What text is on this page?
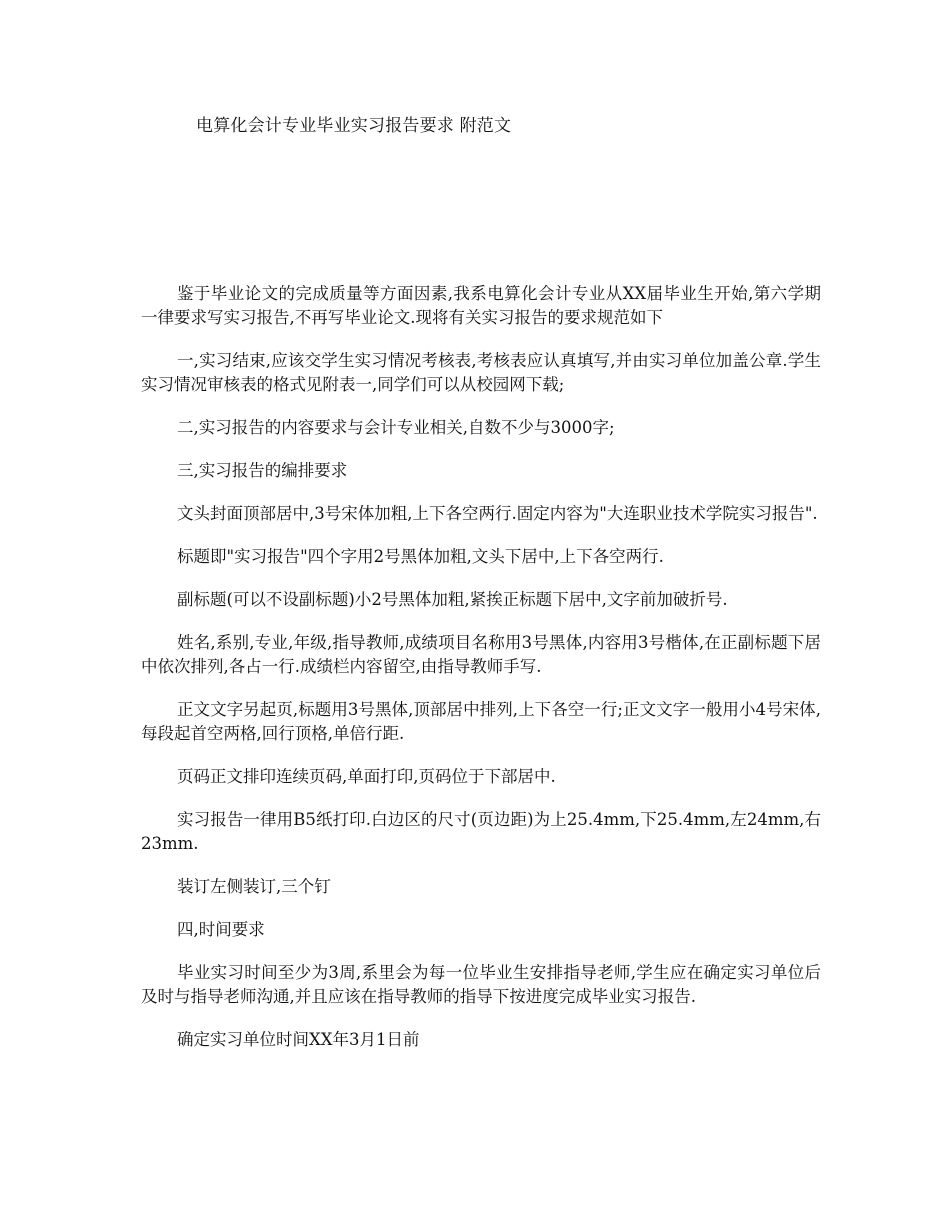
电算化会计专业毕业实习报告要求 附范文

鉴于毕业论文的完成质量等方面因素,我系电算化会计专业从XX届毕业生开始,第六学期一律要求写实习报告,不再写毕业论文.现将有关实习报告的要求规范如下

一,实习结束,应该交学生实习情况考核表,考核表应认真填写,并由实习单位加盖公章.学生实习情况审核表的格式见附表一,同学们可以从校园网下载;

二,实习报告的内容要求与会计专业相关,自数不少与3000字;

三,实习报告的编排要求

文头封面顶部居中,3号宋体加粗,上下各空两行.固定内容为"大连职业技术学院实习报告".

标题即"实习报告"四个字用2号黑体加粗,文头下居中,上下各空两行.

副标题(可以不设副标题)小2号黑体加粗,紧挨正标题下居中,文字前加破折号.

姓名,系别,专业,年级,指导教师,成绩项目名称用3号黑体,内容用3号楷体,在正副标题下居中依次排列,各占一行.成绩栏内容留空,由指导教师手写.

正文文字另起页,标题用3号黑体,顶部居中排列,上下各空一行;正文文字一般用小4号宋体,每段起首空两格,回行顶格,单倍行距.

页码正文排印连续页码,单面打印,页码位于下部居中.

实习报告一律用B5纸打印.白边区的尺寸(页边距)为上25.4mm,下25.4mm,左24mm,右23mm.

装订左侧装订,三个钉

四,时间要求

毕业实习时间至少为3周,系里会为每一位毕业生安排指导老师,学生应在确定实习单位后及时与指导老师沟通,并且应该在指导教师的指导下按进度完成毕业实习报告.

确定实习单位时间XX年3月1日前
